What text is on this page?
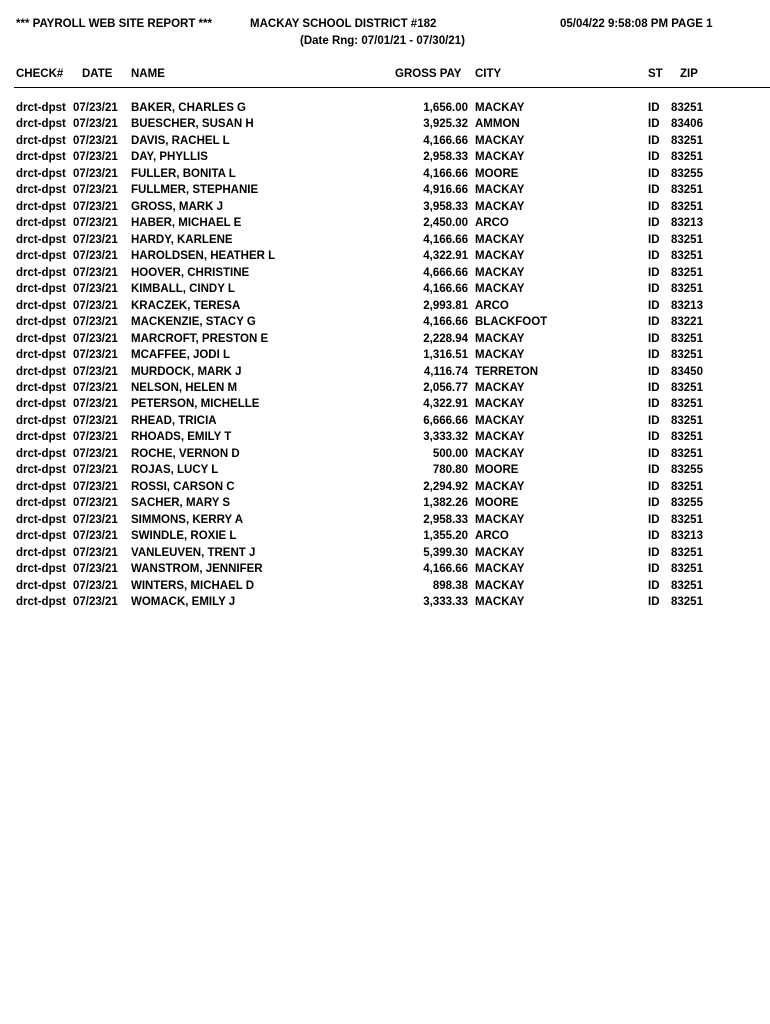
*** PAYROLL WEB SITE REPORT ***	MACKAY SCHOOL DISTRICT #182	05/04/22 9:58:08 PM PAGE 1
(Date Rng: 07/01/21 - 07/30/21)
CHECK# DATE NAME	GROSS PAY CITY	ST ZIP
drct-dpst 07/23/21 BAKER, CHARLES G	1,656.00 MACKAY	ID 83251
drct-dpst 07/23/21 BUESCHER, SUSAN H	3,925.32 AMMON	ID 83406
drct-dpst 07/23/21 DAVIS, RACHEL L	4,166.66 MACKAY	ID 83251
drct-dpst 07/23/21 DAY, PHYLLIS	2,958.33 MACKAY	ID 83251
drct-dpst 07/23/21 FULLER, BONITA L	4,166.66 MOORE	ID 83255
drct-dpst 07/23/21 FULLMER, STEPHANIE	4,916.66 MACKAY	ID 83251
drct-dpst 07/23/21 GROSS, MARK J	3,958.33 MACKAY	ID 83251
drct-dpst 07/23/21 HABER, MICHAEL E	2,450.00 ARCO	ID 83213
drct-dpst 07/23/21 HARDY, KARLENE	4,166.66 MACKAY	ID 83251
drct-dpst 07/23/21 HAROLDSEN, HEATHER L	4,322.91 MACKAY	ID 83251
drct-dpst 07/23/21 HOOVER, CHRISTINE	4,666.66 MACKAY	ID 83251
drct-dpst 07/23/21 KIMBALL, CINDY L	4,166.66 MACKAY	ID 83251
drct-dpst 07/23/21 KRACZEK, TERESA	2,993.81 ARCO	ID 83213
drct-dpst 07/23/21 MACKENZIE, STACY G	4,166.66 BLACKFOOT	ID 83221
drct-dpst 07/23/21 MARCROFT, PRESTON E	2,228.94 MACKAY	ID 83251
drct-dpst 07/23/21 MCAFFEE, JODI L	1,316.51 MACKAY	ID 83251
drct-dpst 07/23/21 MURDOCK, MARK J	4,116.74 TERRETON	ID 83450
drct-dpst 07/23/21 NELSON, HELEN M	2,056.77 MACKAY	ID 83251
drct-dpst 07/23/21 PETERSON, MICHELLE	4,322.91 MACKAY	ID 83251
drct-dpst 07/23/21 RHEAD, TRICIA	6,666.66 MACKAY	ID 83251
drct-dpst 07/23/21 RHOADS, EMILY T	3,333.32 MACKAY	ID 83251
drct-dpst 07/23/21 ROCHE, VERNON D	500.00 MACKAY	ID 83251
drct-dpst 07/23/21 ROJAS, LUCY L	780.80 MOORE	ID 83255
drct-dpst 07/23/21 ROSSI, CARSON C	2,294.92 MACKAY	ID 83251
drct-dpst 07/23/21 SACHER, MARY S	1,382.26 MOORE	ID 83255
drct-dpst 07/23/21 SIMMONS, KERRY A	2,958.33 MACKAY	ID 83251
drct-dpst 07/23/21 SWINDLE, ROXIE L	1,355.20 ARCO	ID 83213
drct-dpst 07/23/21 VANLEUVEN, TRENT J	5,399.30 MACKAY	ID 83251
drct-dpst 07/23/21 WANSTROM, JENNIFER	4,166.66 MACKAY	ID 83251
drct-dpst 07/23/21 WINTERS, MICHAEL D	898.38 MACKAY	ID 83251
drct-dpst 07/23/21 WOMACK, EMILY J	3,333.33 MACKAY	ID 83251
